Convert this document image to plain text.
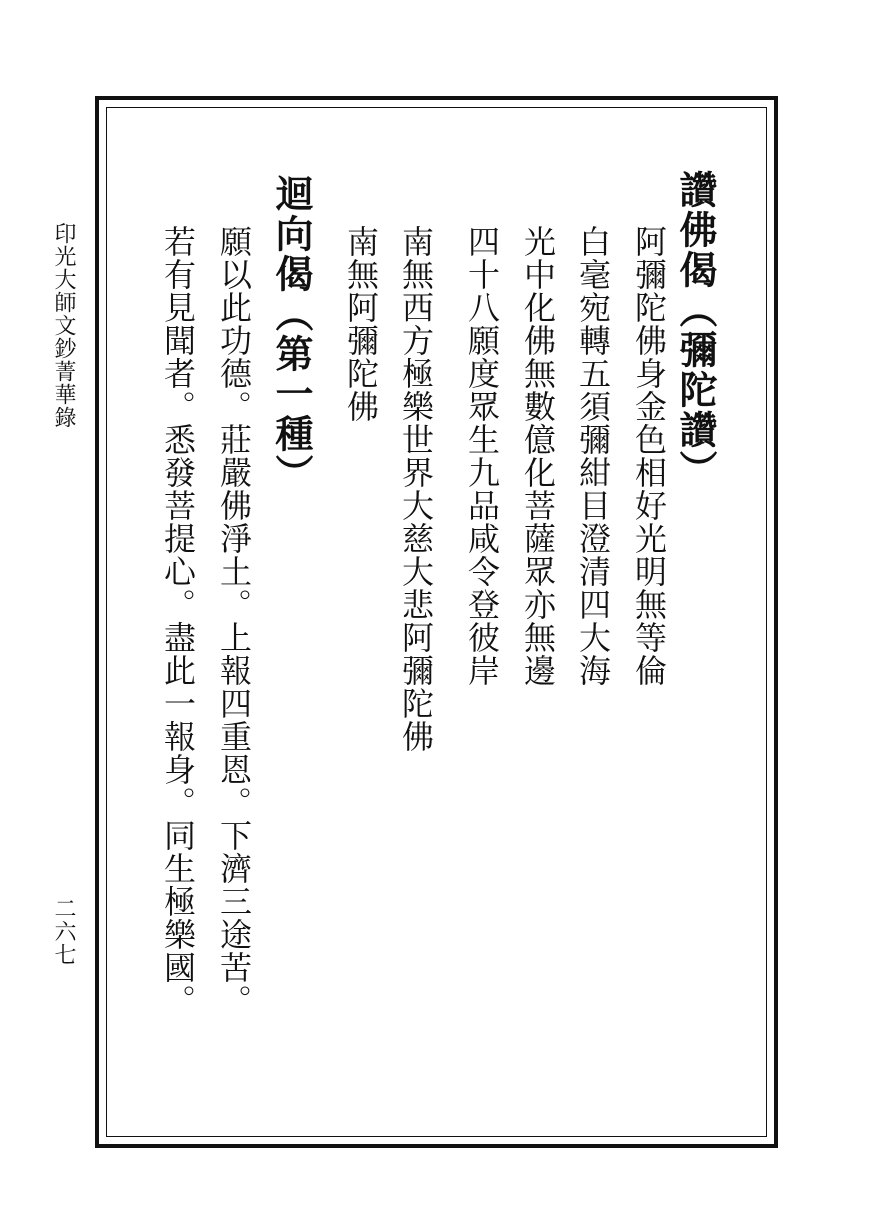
印光大師文鈔菁華錄
二六七
讚佛偈（彌陀讚）
阿彌陀佛身金色相好光明無等倫
白毫宛轉五須彌紺目澄清四大海
光中化佛無數億化菩薩眾亦無邊
四十八願度眾生九品咸令登彼岸
南無西方極樂世界大慈大悲阿彌陀佛
南無阿彌陀佛
迴向偈（第一種）
願以此功德。莊嚴佛淨土。上報四重恩。下濟三途苦。
若有見聞者。悉發菩提心。盡此一報身。同生極樂國。
